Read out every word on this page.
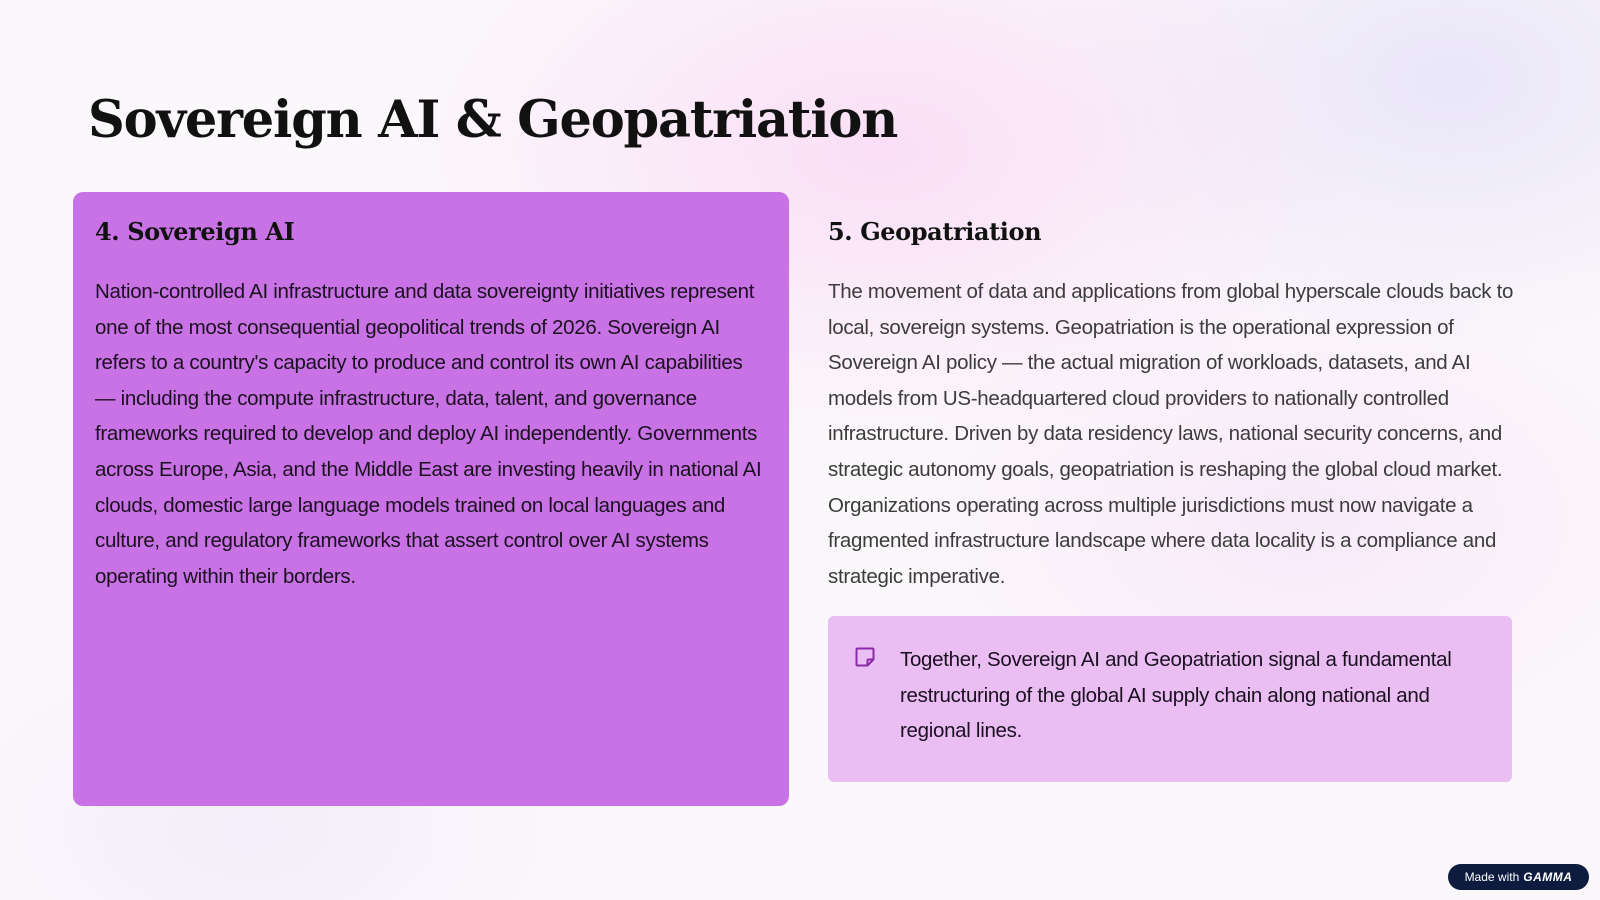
Sovereign AI & Geopatriation
4. Sovereign AI

Nation-controlled AI infrastructure and data sovereignty initiatives represent one of the most consequential geopolitical trends of 2026. Sovereign AI refers to a country's capacity to produce and control its own AI capabilities — including the compute infrastructure, data, talent, and governance frameworks required to develop and deploy AI independently. Governments across Europe, Asia, and the Middle East are investing heavily in national AI clouds, domestic large language models trained on local languages and culture, and regulatory frameworks that assert control over AI systems operating within their borders.

5. Geopatriation

The movement of data and applications from global hyperscale clouds back to local, sovereign systems. Geopatriation is the operational expression of Sovereign AI policy — the actual migration of workloads, datasets, and AI models from US-headquartered cloud providers to nationally controlled infrastructure. Driven by data residency laws, national security concerns, and strategic autonomy goals, geopatriation is reshaping the global cloud market. Organizations operating across multiple jurisdictions must now navigate a fragmented infrastructure landscape where data locality is a compliance and strategic imperative.

Together, Sovereign AI and Geopatriation signal a fundamental restructuring of the global AI supply chain along national and regional lines.

Made with GAMMA
